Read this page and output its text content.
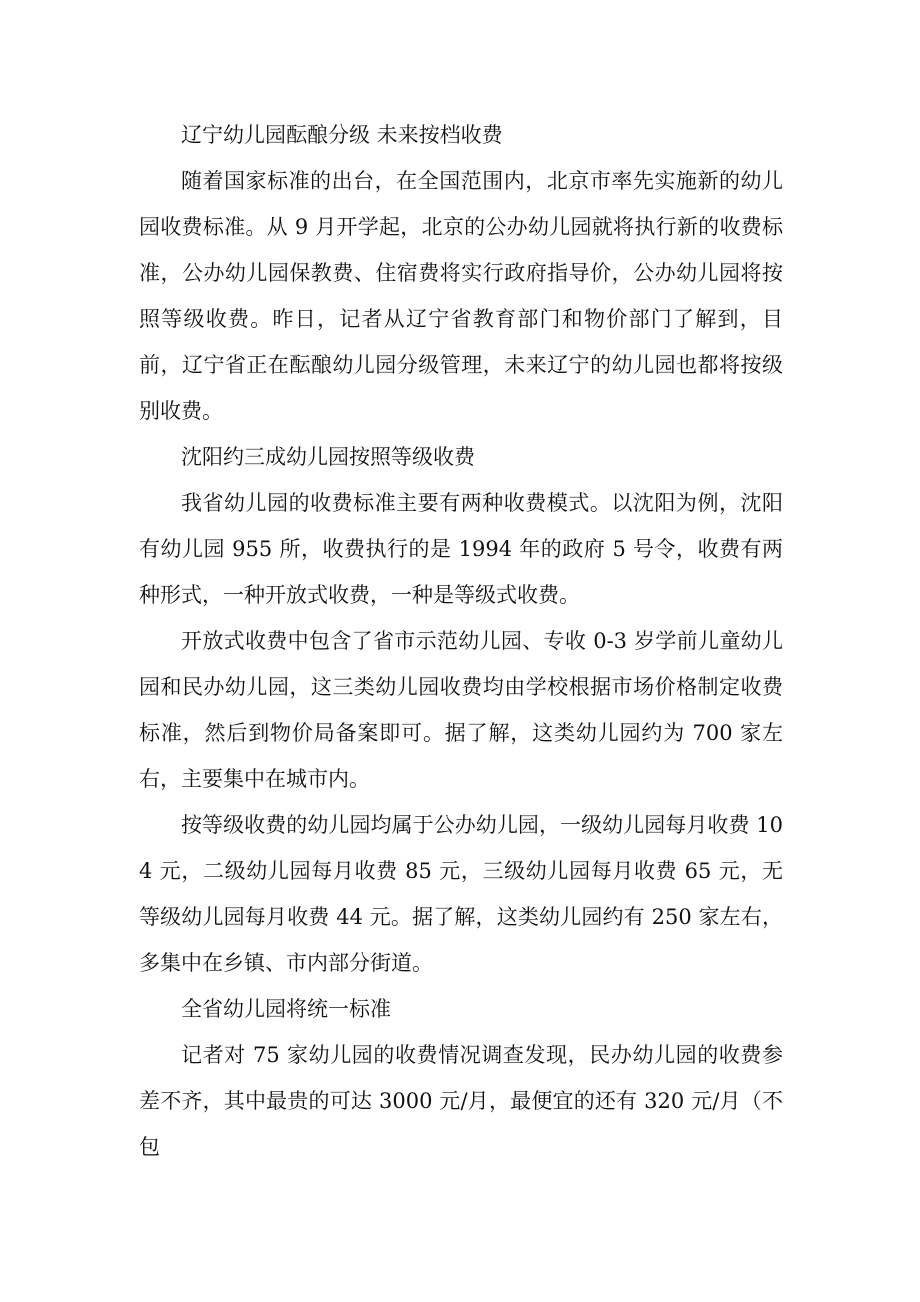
辽宁幼儿园酝酿分级 未来按档收费

随着国家标准的出台，在全国范围内，北京市率先实施新的幼儿园收费标准。从 9 月开学起，北京的公办幼儿园就将执行新的收费标准，公办幼儿园保教费、住宿费将实行政府指导价，公办幼儿园将按照等级收费。昨日，记者从辽宁省教育部门和物价部门了解到，目前，辽宁省正在酝酿幼儿园分级管理，未来辽宁的幼儿园也都将按级别收费。

沈阳约三成幼儿园按照等级收费

我省幼儿园的收费标准主要有两种收费模式。以沈阳为例，沈阳有幼儿园 955 所，收费执行的是 1994 年的政府 5 号令，收费有两种形式，一种开放式收费，一种是等级式收费。

开放式收费中包含了省市示范幼儿园、专收 0-3 岁学前儿童幼儿园和民办幼儿园，这三类幼儿园收费均由学校根据市场价格制定收费标准，然后到物价局备案即可。据了解，这类幼儿园约为 700 家左右，主要集中在城市内。

按等级收费的幼儿园均属于公办幼儿园，一级幼儿园每月收费 104 元，二级幼儿园每月收费 85 元，三级幼儿园每月收费 65 元，无等级幼儿园每月收费 44 元。据了解，这类幼儿园约有 250 家左右，多集中在乡镇、市内部分街道。

全省幼儿园将统一标准

记者对 75 家幼儿园的收费情况调查发现，民办幼儿园的收费参差不齐，其中最贵的可达 3000 元/月，最便宜的还有 320 元/月（不包
